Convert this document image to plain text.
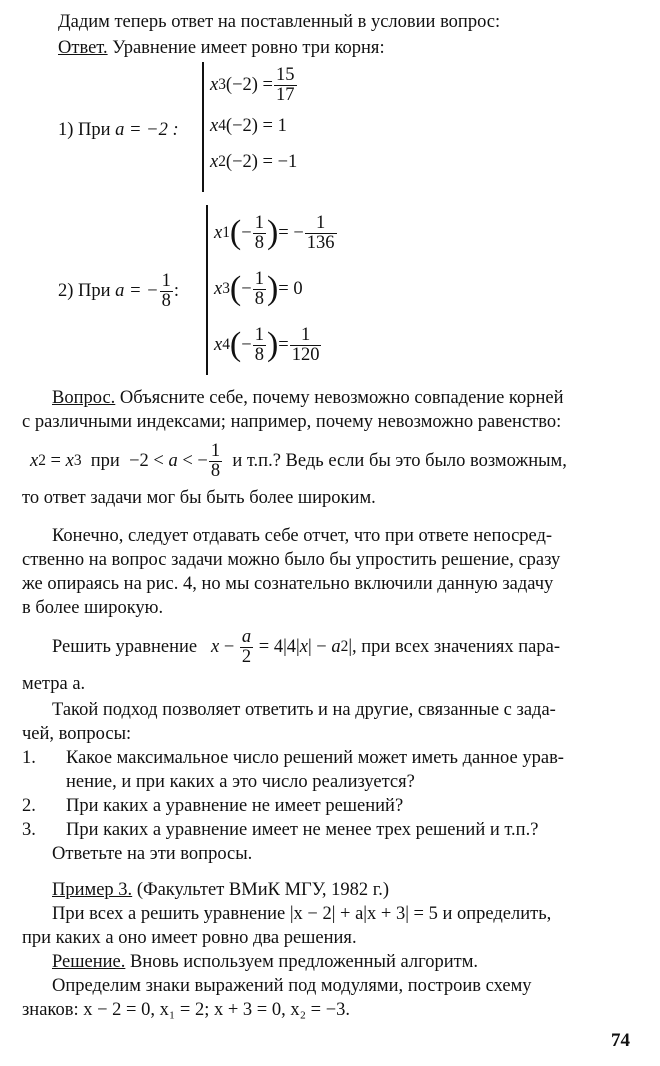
Дадим теперь ответ на поставленный в условии вопрос:
Ответ. Уравнение имеет ровно три корня:
1) При a = −2 :
x 3 $(-2) = \frac{15}{17}$
x 4 (−2) = 1
x 2 (−2) = −1
2) При
a = − $\frac{1}{8}$ :
x 1 ( − $\frac{1}{8}$ ) = − $\frac{1}{136}$
x 3 ( − $\frac{1}{8}$ ) = 0
x 4 ( − $\frac{1}{8}$ ) = $\frac{1}{120}$
Вопрос. Объясните себе, почему невозможно совпадение корней
с различными индексами; например, почему невозможно равенство:
x 2 = x 3 при  −2 < a < − $\frac{1}{8}$
и т.п.? Ведь если бы это было возможным,
то ответ задачи мог бы быть более широким.
Конечно, следует отдавать себе отчет, что при ответе непосред-
ственно на вопрос задачи можно было бы упростить решение, сразу
же опираясь на рис. 4, но мы сознательно включили данную задачу
в более широкую.
Решить уравнение
$x - \frac{a}{2} = 4|4|$ x | − a 2 | , при всех значениях пара-
метра a.
Такой подход позволяет ответить и на другие, связанные с зада-
чей, вопросы:
1.	Какое максимальное число решений может иметь данное урав-
нение, и при каких a это число реализуется?
2.	При каких a уравнение не имеет решений?
3.	При каких a уравнение имеет не менее трех решений и т.п.?
Ответьте на эти вопросы.
Пример 3. (Факультет ВМиК МГУ, 1982 г.)
При всех a решить уравнение |x − 2| + a|x + 3| = 5 и определить,
при каких a оно имеет ровно два решения.
Решение. Вновь используем предложенный алгоритм.
Определим знаки выражений под модулями, построив схему
знаков: x − 2 = 0, x₁ = 2; x + 3 = 0, x₂ = −3.
74
